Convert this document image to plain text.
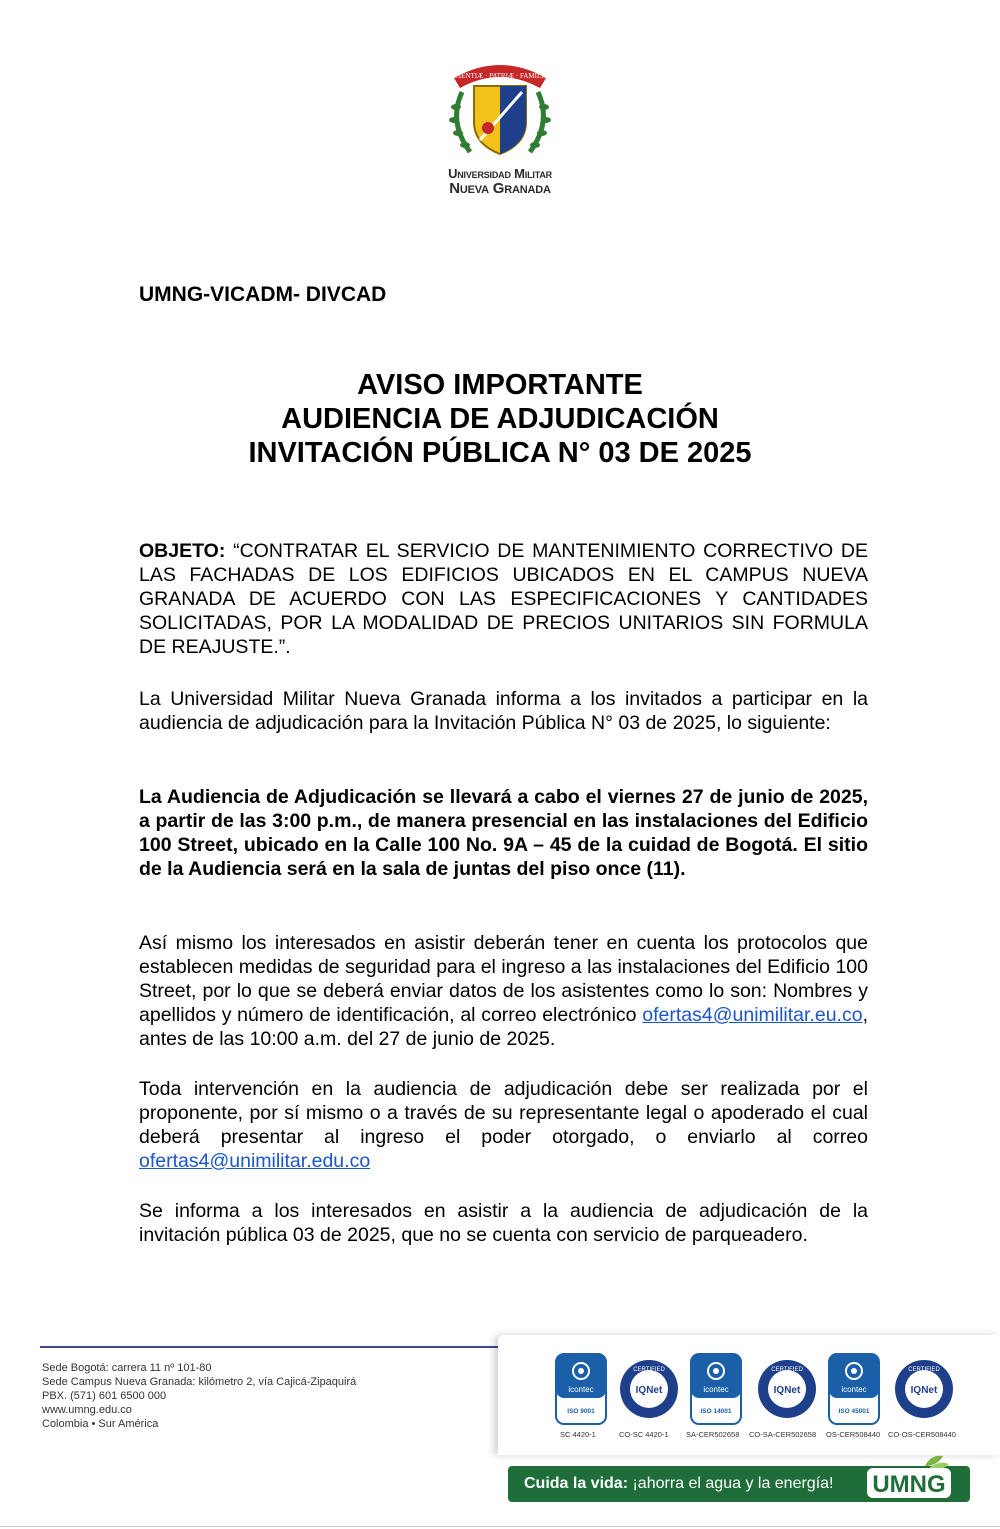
SCIENTIÆ · PATRIÆ · FAMILIÆ
Universidad Militar
Nueva Granada
UMNG-VICADM- DIVCAD
AVISO IMPORTANTE
AUDIENCIA DE ADJUDICACIÓN
INVITACIÓN PÚBLICA N° 03 DE 2025
OBJETO: “CONTRATAR EL SERVICIO DE MANTENIMIENTO CORRECTIVO DE LAS FACHADAS DE LOS EDIFICIOS UBICADOS EN EL CAMPUS NUEVA GRANADA DE ACUERDO CON LAS ESPECIFICACIONES Y CANTIDADES SOLICITADAS, POR LA MODALIDAD DE PRECIOS UNITARIOS SIN FORMULA DE REAJUSTE.”.
La Universidad Militar Nueva Granada informa a los invitados a participar en la audiencia de adjudicación para la Invitación Pública N° 03 de 2025, lo siguiente:
La Audiencia de Adjudicación se llevará a cabo el viernes 27 de junio de 2025, a partir de las 3:00 p.m., de manera presencial en las instalaciones del Edificio 100 Street, ubicado en la Calle 100 No. 9A – 45 de la cuidad de Bogotá. El sitio de la Audiencia será en la sala de juntas del piso once (11).
Así mismo los interesados en asistir deberán tener en cuenta los protocolos que establecen medidas de seguridad para el ingreso a las instalaciones del Edificio 100 Street, por lo que se deberá enviar datos de los asistentes como lo son: Nombres y apellidos y número de identificación, al correo electrónico ofertas4@unimilitar.eu.co, antes de las 10:00 a.m. del 27 de junio de 2025.
Toda intervención en la audiencia de adjudicación debe ser realizada por el proponente, por sí mismo o a través de su representante legal o apoderado el cual deberá presentar al ingreso el poder otorgado, o enviarlo al correo ofertas4@unimilitar.edu.co
Se informa a los interesados en asistir a la audiencia de adjudicación de la invitación pública 03 de 2025, que no se cuenta con servicio de parqueadero.
Sede Bogotá: carrera 11 nº 101-80
Sede Campus Nueva Granada: kilómetro 2, vía Cajicá-Zipaquirá
PBX. (571) 601 6500 000
www.umng.edu.co
Colombia • Sur América
icontec
ISO 9001
CERTIFIED
IQNet	icontec
ISO 14001
CERTIFIED
IQNet	icontec
ISO 45001
CERTIFIED
IQNet
SC 4420-1	CO-SC 4420-1 SA-CER502658 CO-SA-CER502658 OS-CER508440 CO-OS-CER508440
Cuida la vida: ¡ahorra el agua y la energía!	UMNG
